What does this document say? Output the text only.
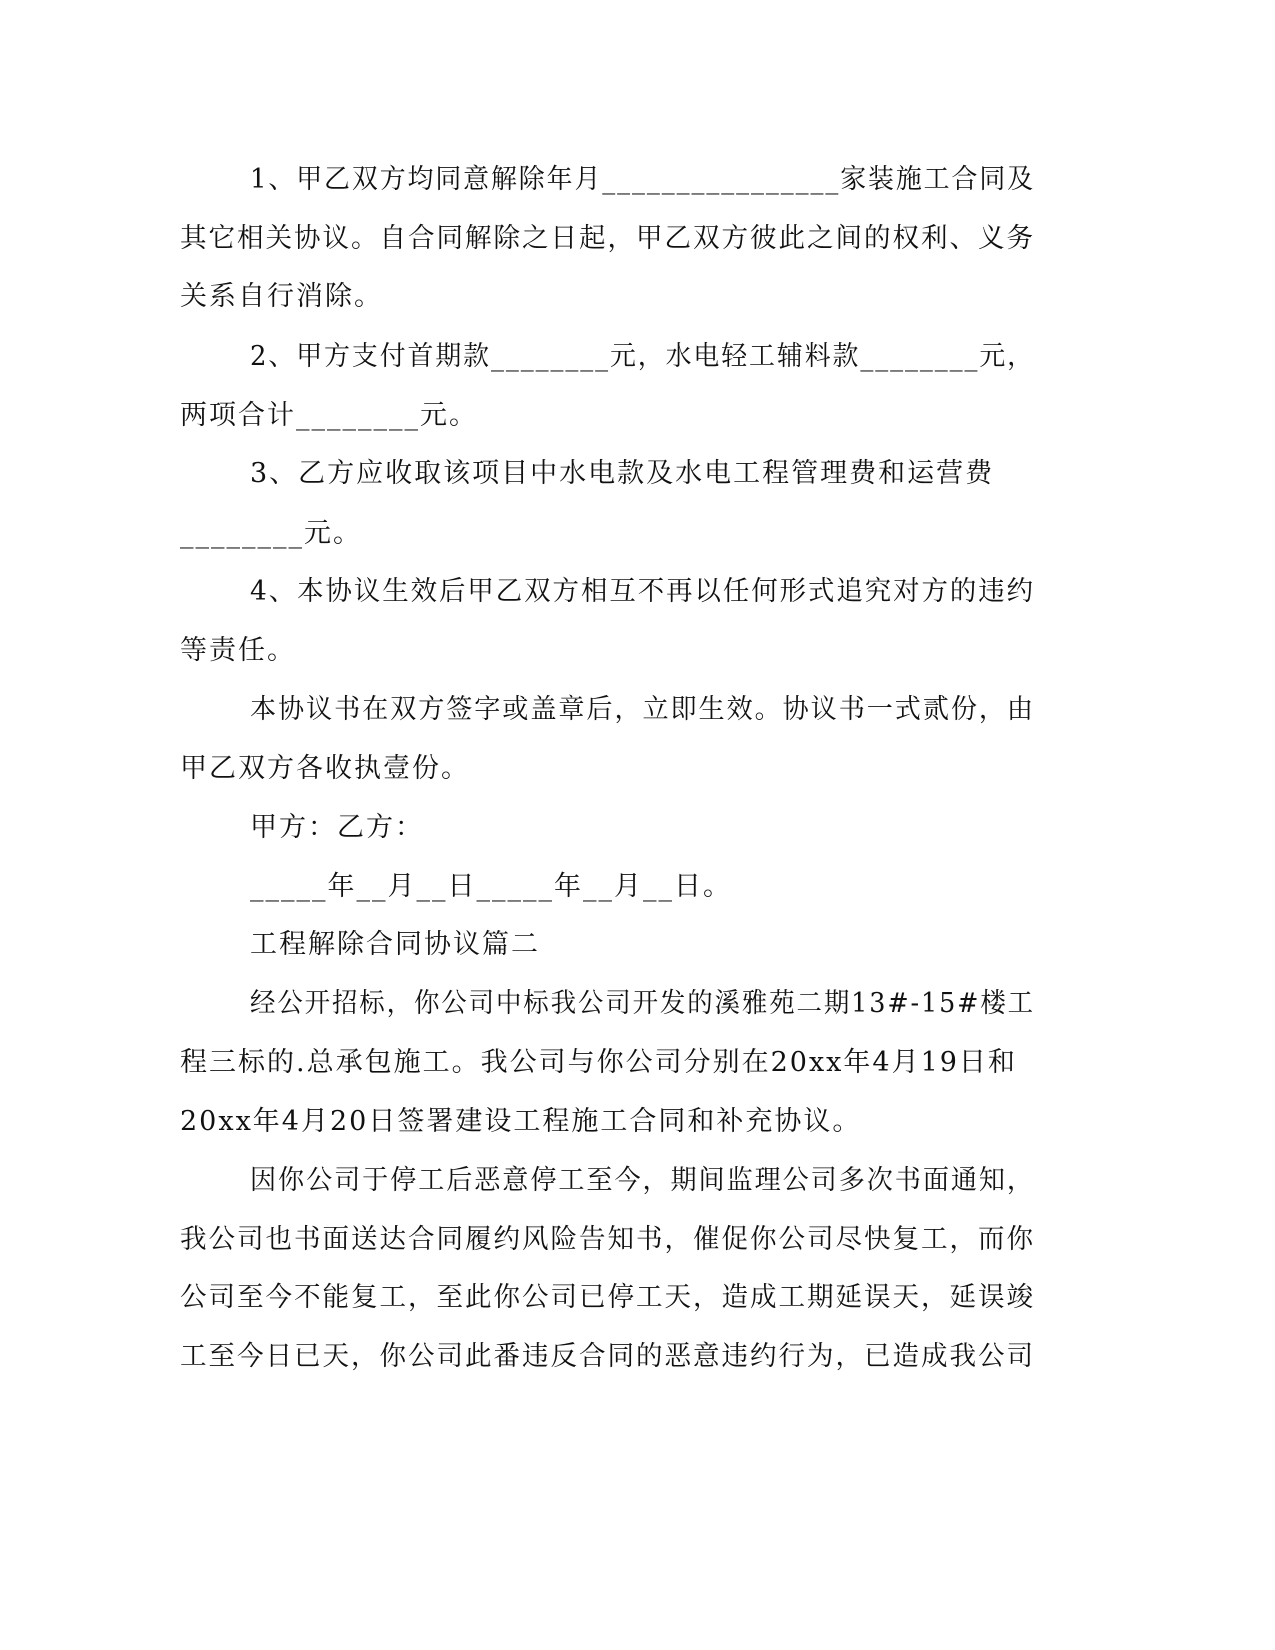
1、甲乙双方均同意解除年月________________家装施工合同及
其它相关协议。自合同解除之日起，甲乙双方彼此之间的权利、义务
关系自行消除。
2、甲方支付首期款________元，水电轻工辅料款________元，
两项合计________元。
3、乙方应收取该项目中水电款及水电工程管理费和运营费
________元。
4、本协议生效后甲乙双方相互不再以任何形式追究对方的违约
等责任。
本协议书在双方签字或盖章后，立即生效。协议书一式贰份，由
甲乙双方各收执壹份。
甲方：乙方：
_____年__月__日_____年__月__日。
工程解除合同协议篇二
经公开招标，你公司中标我公司开发的溪雅苑二期13#-15#楼工
程三标的.总承包施工。我公司与你公司分别在20xx年4月19日和
20xx年4月20日签署建设工程施工合同和补充协议。
因你公司于停工后恶意停工至今，期间监理公司多次书面通知，
我公司也书面送达合同履约风险告知书，催促你公司尽快复工，而你
公司至今不能复工，至此你公司已停工天，造成工期延误天，延误竣
工至今日已天，你公司此番违反合同的恶意违约行为，已造成我公司
